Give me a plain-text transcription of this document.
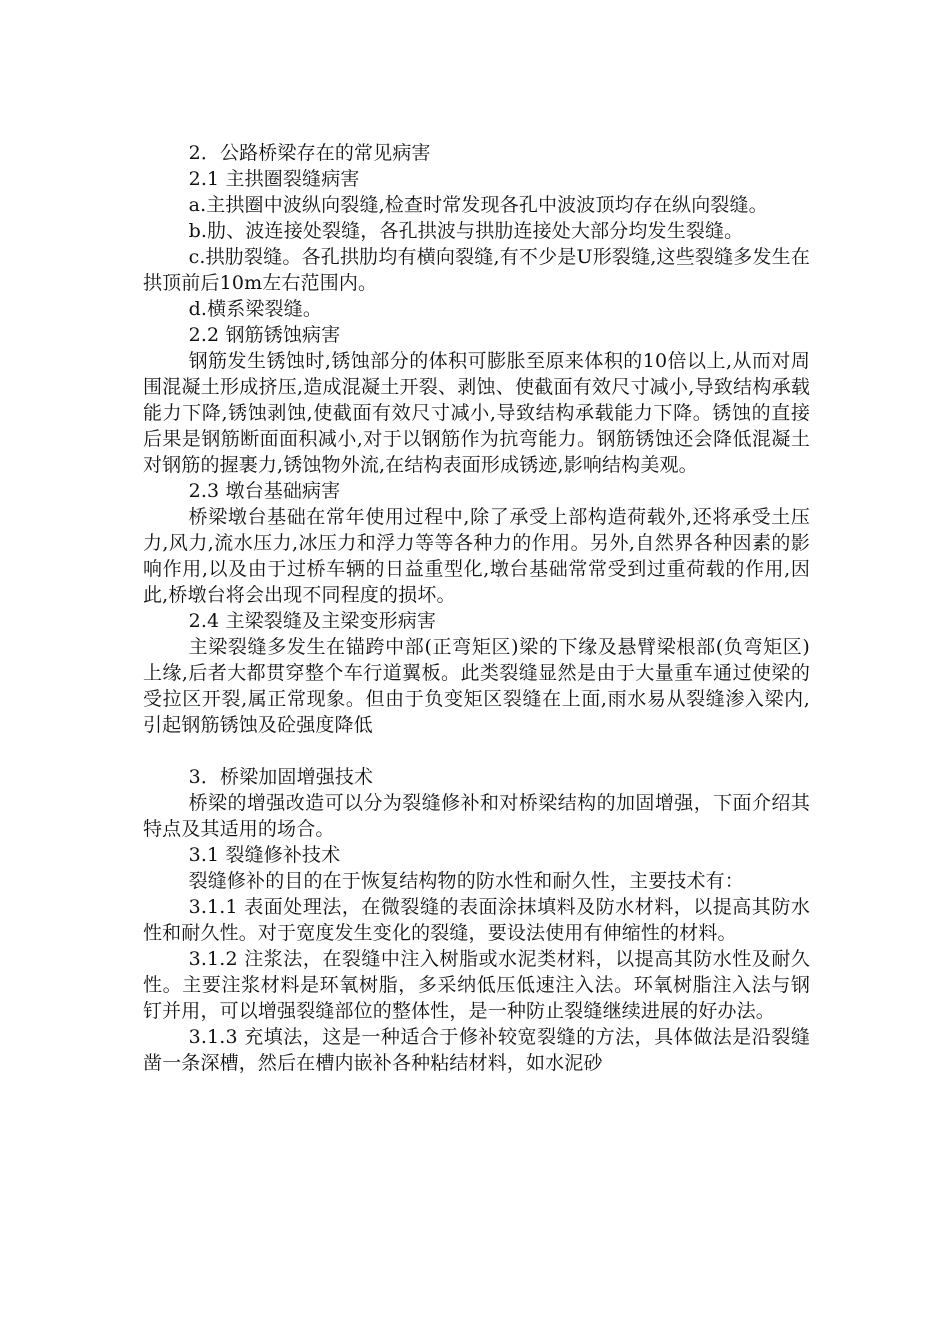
2．公路桥梁存在的常见病害

2.1 主拱圈裂缝病害

a.主拱圈中波纵向裂缝,检查时常发现各孔中波波顶均存在纵向裂缝。

b.肋、波连接处裂缝，各孔拱波与拱肋连接处大部分均发生裂缝。

c.拱肋裂缝。各孔拱肋均有横向裂缝,有不少是U形裂缝,这些裂缝多发生在拱顶前后10m左右范围内。

d.横系梁裂缝。

2.2 钢筋锈蚀病害

钢筋发生锈蚀时,锈蚀部分的体积可膨胀至原来体积的10倍以上,从而对周围混凝土形成挤压,造成混凝土开裂、剥蚀、使截面有效尺寸减小,导致结构承载能力下降,锈蚀剥蚀,使截面有效尺寸减小,导致结构承载能力下降。锈蚀的直接后果是钢筋断面面积减小,对于以钢筋作为抗弯能力。钢筋锈蚀还会降低混凝土对钢筋的握裹力,锈蚀物外流,在结构表面形成锈迹,影响结构美观。

2.3 墩台基础病害

桥梁墩台基础在常年使用过程中,除了承受上部构造荷载外,还将承受土压力,风力,流水压力,冰压力和浮力等等各种力的作用。另外,自然界各种因素的影响作用,以及由于过桥车辆的日益重型化,墩台基础常常受到过重荷载的作用,因此,桥墩台将会出现不同程度的损坏。

2.4 主梁裂缝及主梁变形病害

主梁裂缝多发生在锚跨中部(正弯矩区)梁的下缘及悬臂梁根部(负弯矩区)上缘,后者大都贯穿整个车行道翼板。此类裂缝显然是由于大量重车通过使梁的受拉区开裂,属正常现象。但由于负变矩区裂缝在上面,雨水易从裂缝渗入梁内,引起钢筋锈蚀及砼强度降低

3．桥梁加固增强技术

桥梁的增强改造可以分为裂缝修补和对桥梁结构的加固增强，下面介绍其特点及其适用的场合。

3.1 裂缝修补技术

裂缝修补的目的在于恢复结构物的防水性和耐久性，主要技术有：

3.1.1 表面处理法，在微裂缝的表面涂抹填料及防水材料，以提高其防水性和耐久性。对于宽度发生变化的裂缝，要设法使用有伸缩性的材料。

3.1.2 注浆法，在裂缝中注入树脂或水泥类材料，以提高其防水性及耐久性。主要注浆材料是环氧树脂，多采纳低压低速注入法。环氧树脂注入法与钢钉并用，可以增强裂缝部位的整体性，是一种防止裂缝继续进展的好办法。

3.1.3 充填法，这是一种适合于修补较宽裂缝的方法，具体做法是沿裂缝凿一条深槽，然后在槽内嵌补各种粘结材料，如水泥砂
